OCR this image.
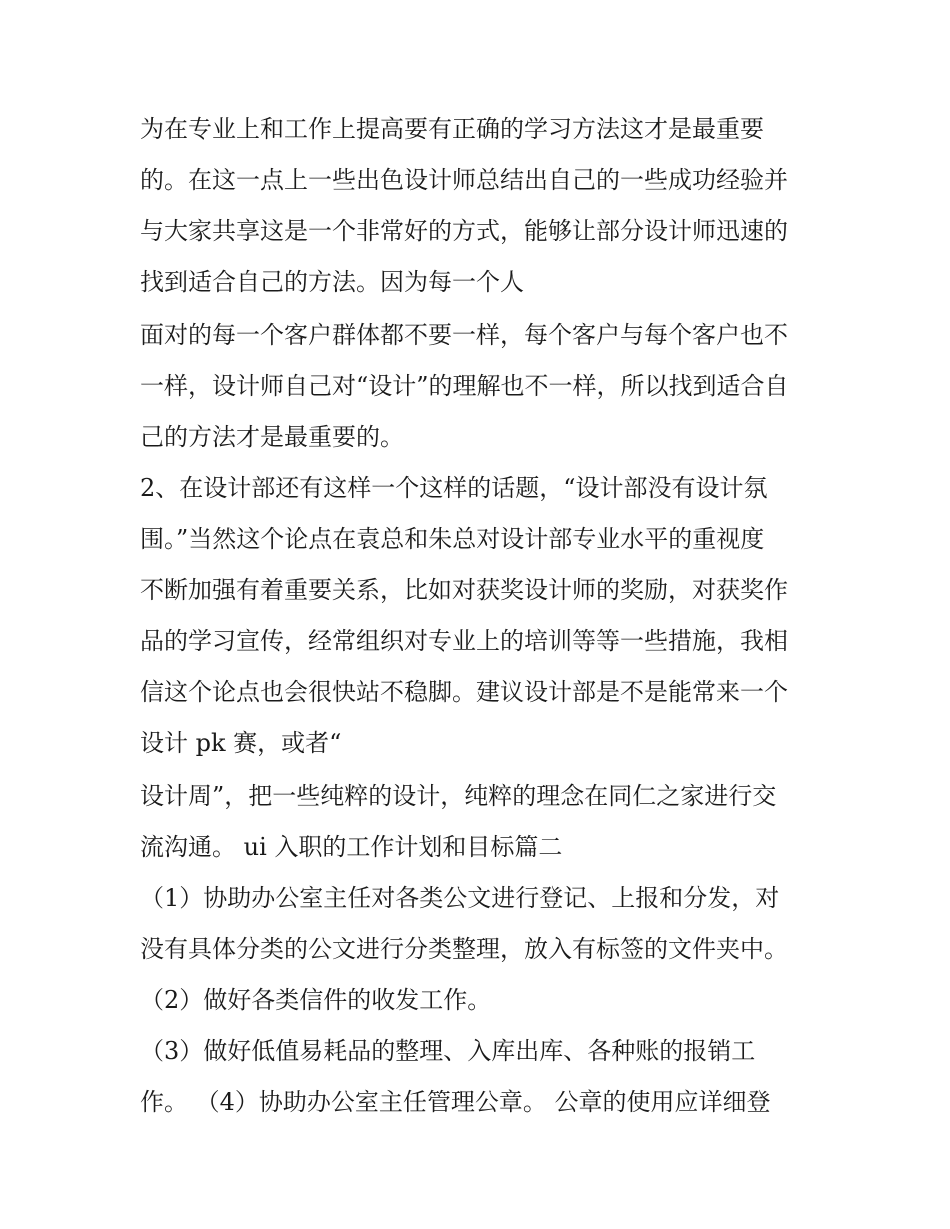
为在专业上和工作上提高要有正确的学习方法这才是最重要
的。在这一点上一些出色设计师总结出自己的一些成功经验并
与大家共享这是一个非常好的方式，能够让部分设计师迅速的
找到适合自己的方法。因为每一个人
面对的每一个客户群体都不要一样，每个客户与每个客户也不
一样，设计师自己对“设计”的理解也不一样，所以找到适合自
己的方法才是最重要的。
2、在设计部还有这样一个这样的话题，“设计部没有设计氛
围。”当然这个论点在袁总和朱总对设计部专业水平的重视度
不断加强有着重要关系，比如对获奖设计师的奖励，对获奖作
品的学习宣传，经常组织对专业上的培训等等一些措施，我相
信这个论点也会很快站不稳脚。建议设计部是不是能常来一个
设计 pk 赛，或者“
设计周”，把一些纯粹的设计，纯粹的理念在同仁之家进行交
流沟通。 ui 入职的工作计划和目标篇二
（1）协助办公室主任对各类公文进行登记、上报和分发，对
没有具体分类的公文进行分类整理，放入有标签的文件夹中。
（2）做好各类信件的收发工作。
（3）做好低值易耗品的整理、入库出库、各种账的报销工
作。 （4）协助办公室主任管理公章。 公章的使用应详细登
